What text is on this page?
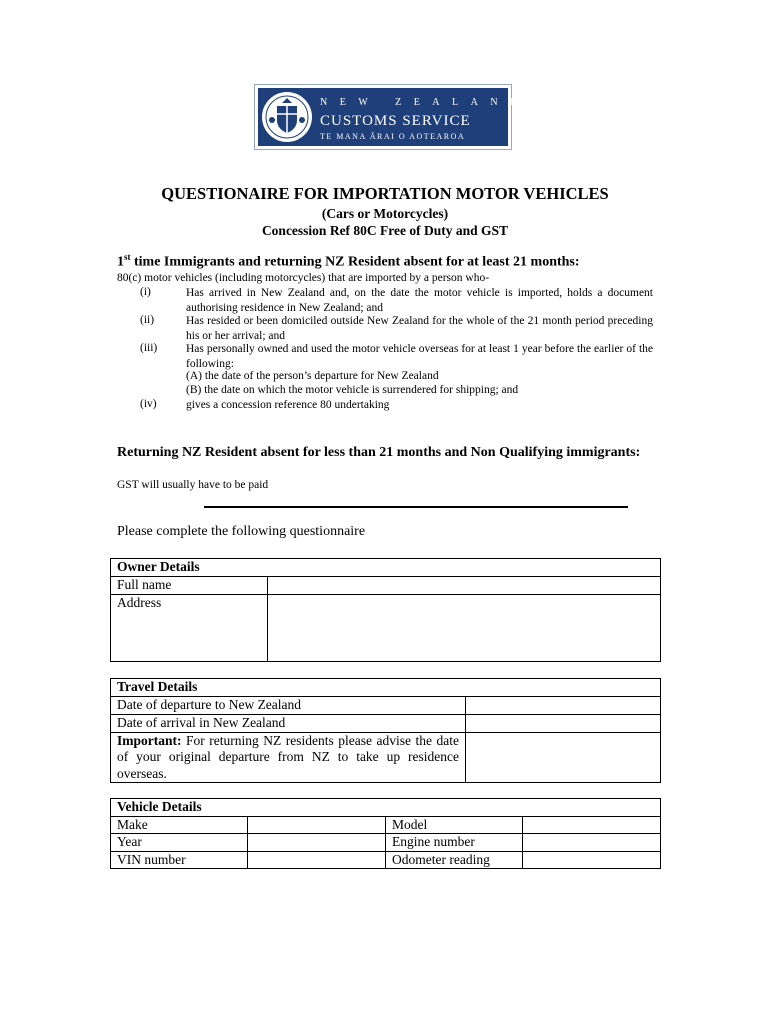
NEW ZEALAND
CUSTOMS SERVICE
TE MANA ĀRAI O AOTEAROA
QUESTIONAIRE FOR IMPORTATION MOTOR VEHICLES
(Cars or Motorcycles)
Concession Ref 80C Free of Duty and GST
1st time Immigrants and returning NZ Resident absent for at least 21 months:
80(c) motor vehicles (including motorcycles) that are imported by a person who-
(i)	Has arrived in New Zealand and, on the date the motor vehicle is imported, holds a document authorising residence in New Zealand; and
(ii)	Has resided or been domiciled outside New Zealand for the whole of the 21 month period preceding his or her arrival; and
(iii)	Has personally owned and used the motor vehicle overseas for at least 1 year before the earlier of the following:
(A) the date of the person’s departure for New Zealand
(B) the date on which the motor vehicle is surrendered for shipping; and
(iv)	gives a concession reference 80 undertaking
Returning NZ Resident absent for less than 21 months and Non Qualifying immigrants:
GST will usually have to be paid
Please complete the following questionnaire
Owner Details	
Full name	
Address	
Travel Details	
Date of departure to New Zealand	
Date of arrival in New Zealand	
Important: For returning NZ residents please advise the date of your original departure from NZ to take up residence overseas.	
Vehicle Details			
Make		Model	
Year		Engine number	
VIN number		Odometer reading	
